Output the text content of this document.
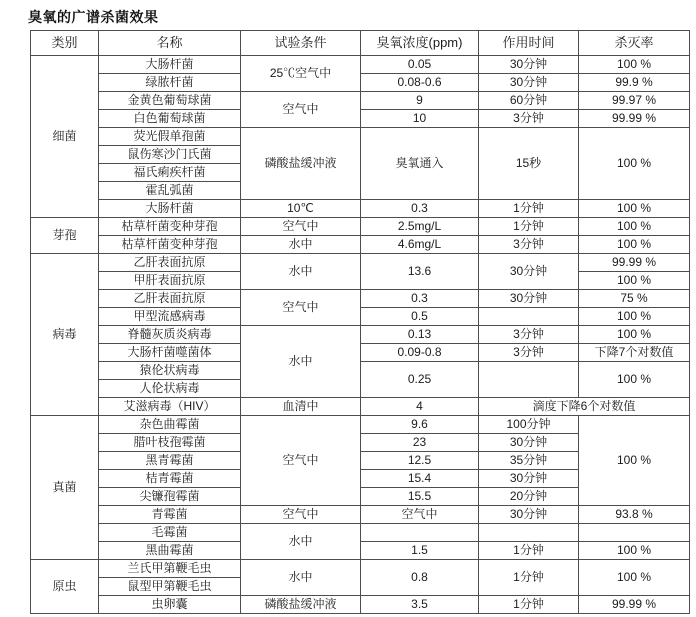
臭氧的广谱杀菌效果
类别	名称	试验条件	臭氧浓度(ppm)	作用时间	杀灭率
细菌	大肠杆菌	25℃空气中	0.05	30分钟	100 %
	绿脓杆菌		0.08-0.6	30分钟	99.9 %
	金黄色葡萄球菌	空气中	9	60分钟	99.97 %
	白色葡萄球菌		10	3分钟	99.99 %
	荧光假单孢菌	磷酸盐缓冲液	臭氧通入	15秒	100 %
	鼠伤寒沙门氏菌				
	福氏痢疾杆菌				
	霍乱弧菌				
	大肠杆菌	10℃	0.3	1分钟	100 %
芽孢	枯草杆菌变种芽孢	空气中	2.5mg/L	1分钟	100 %
	枯草杆菌变种芽孢	水中	4.6mg/L	3分钟	100 %
病毒	乙肝表面抗原	水中	13.6	30分钟	99.99 %
	甲肝表面抗原				100 %
	乙肝表面抗原	空气中	0.3	30分钟	75 %
	甲型流感病毒		0.5		100 %
	脊髓灰质炎病毒	水中	0.13	3分钟	100 %
	大肠杆菌噬菌体		0.09-0.8	3分钟	下降7个对数值
	猿伦状病毒		0.25		100 %
	人伦状病毒				
	艾滋病毒（HIV）	血清中	4	滴度下降6个对数值	
真菌	杂色曲霉菌	空气中	9.6	100分钟	100 %
	腊叶枝孢霉菌		23	30分钟	
	黑青霉菌		12.5	35分钟	
	桔青霉菌		15.4	30分钟	
	尖镰孢霉菌		15.5	20分钟	
	青霉菌	空气中	空气中	30分钟	93.8 %
	毛霉菌	水中			
	黑曲霉菌		1.5	1分钟	100 %
原虫	兰氏甲第鞭毛虫	水中	0.8	1分钟	100 %
	鼠型甲第鞭毛虫				
	虫卵囊	磷酸盐缓冲液	3.5	1分钟	99.99 %
